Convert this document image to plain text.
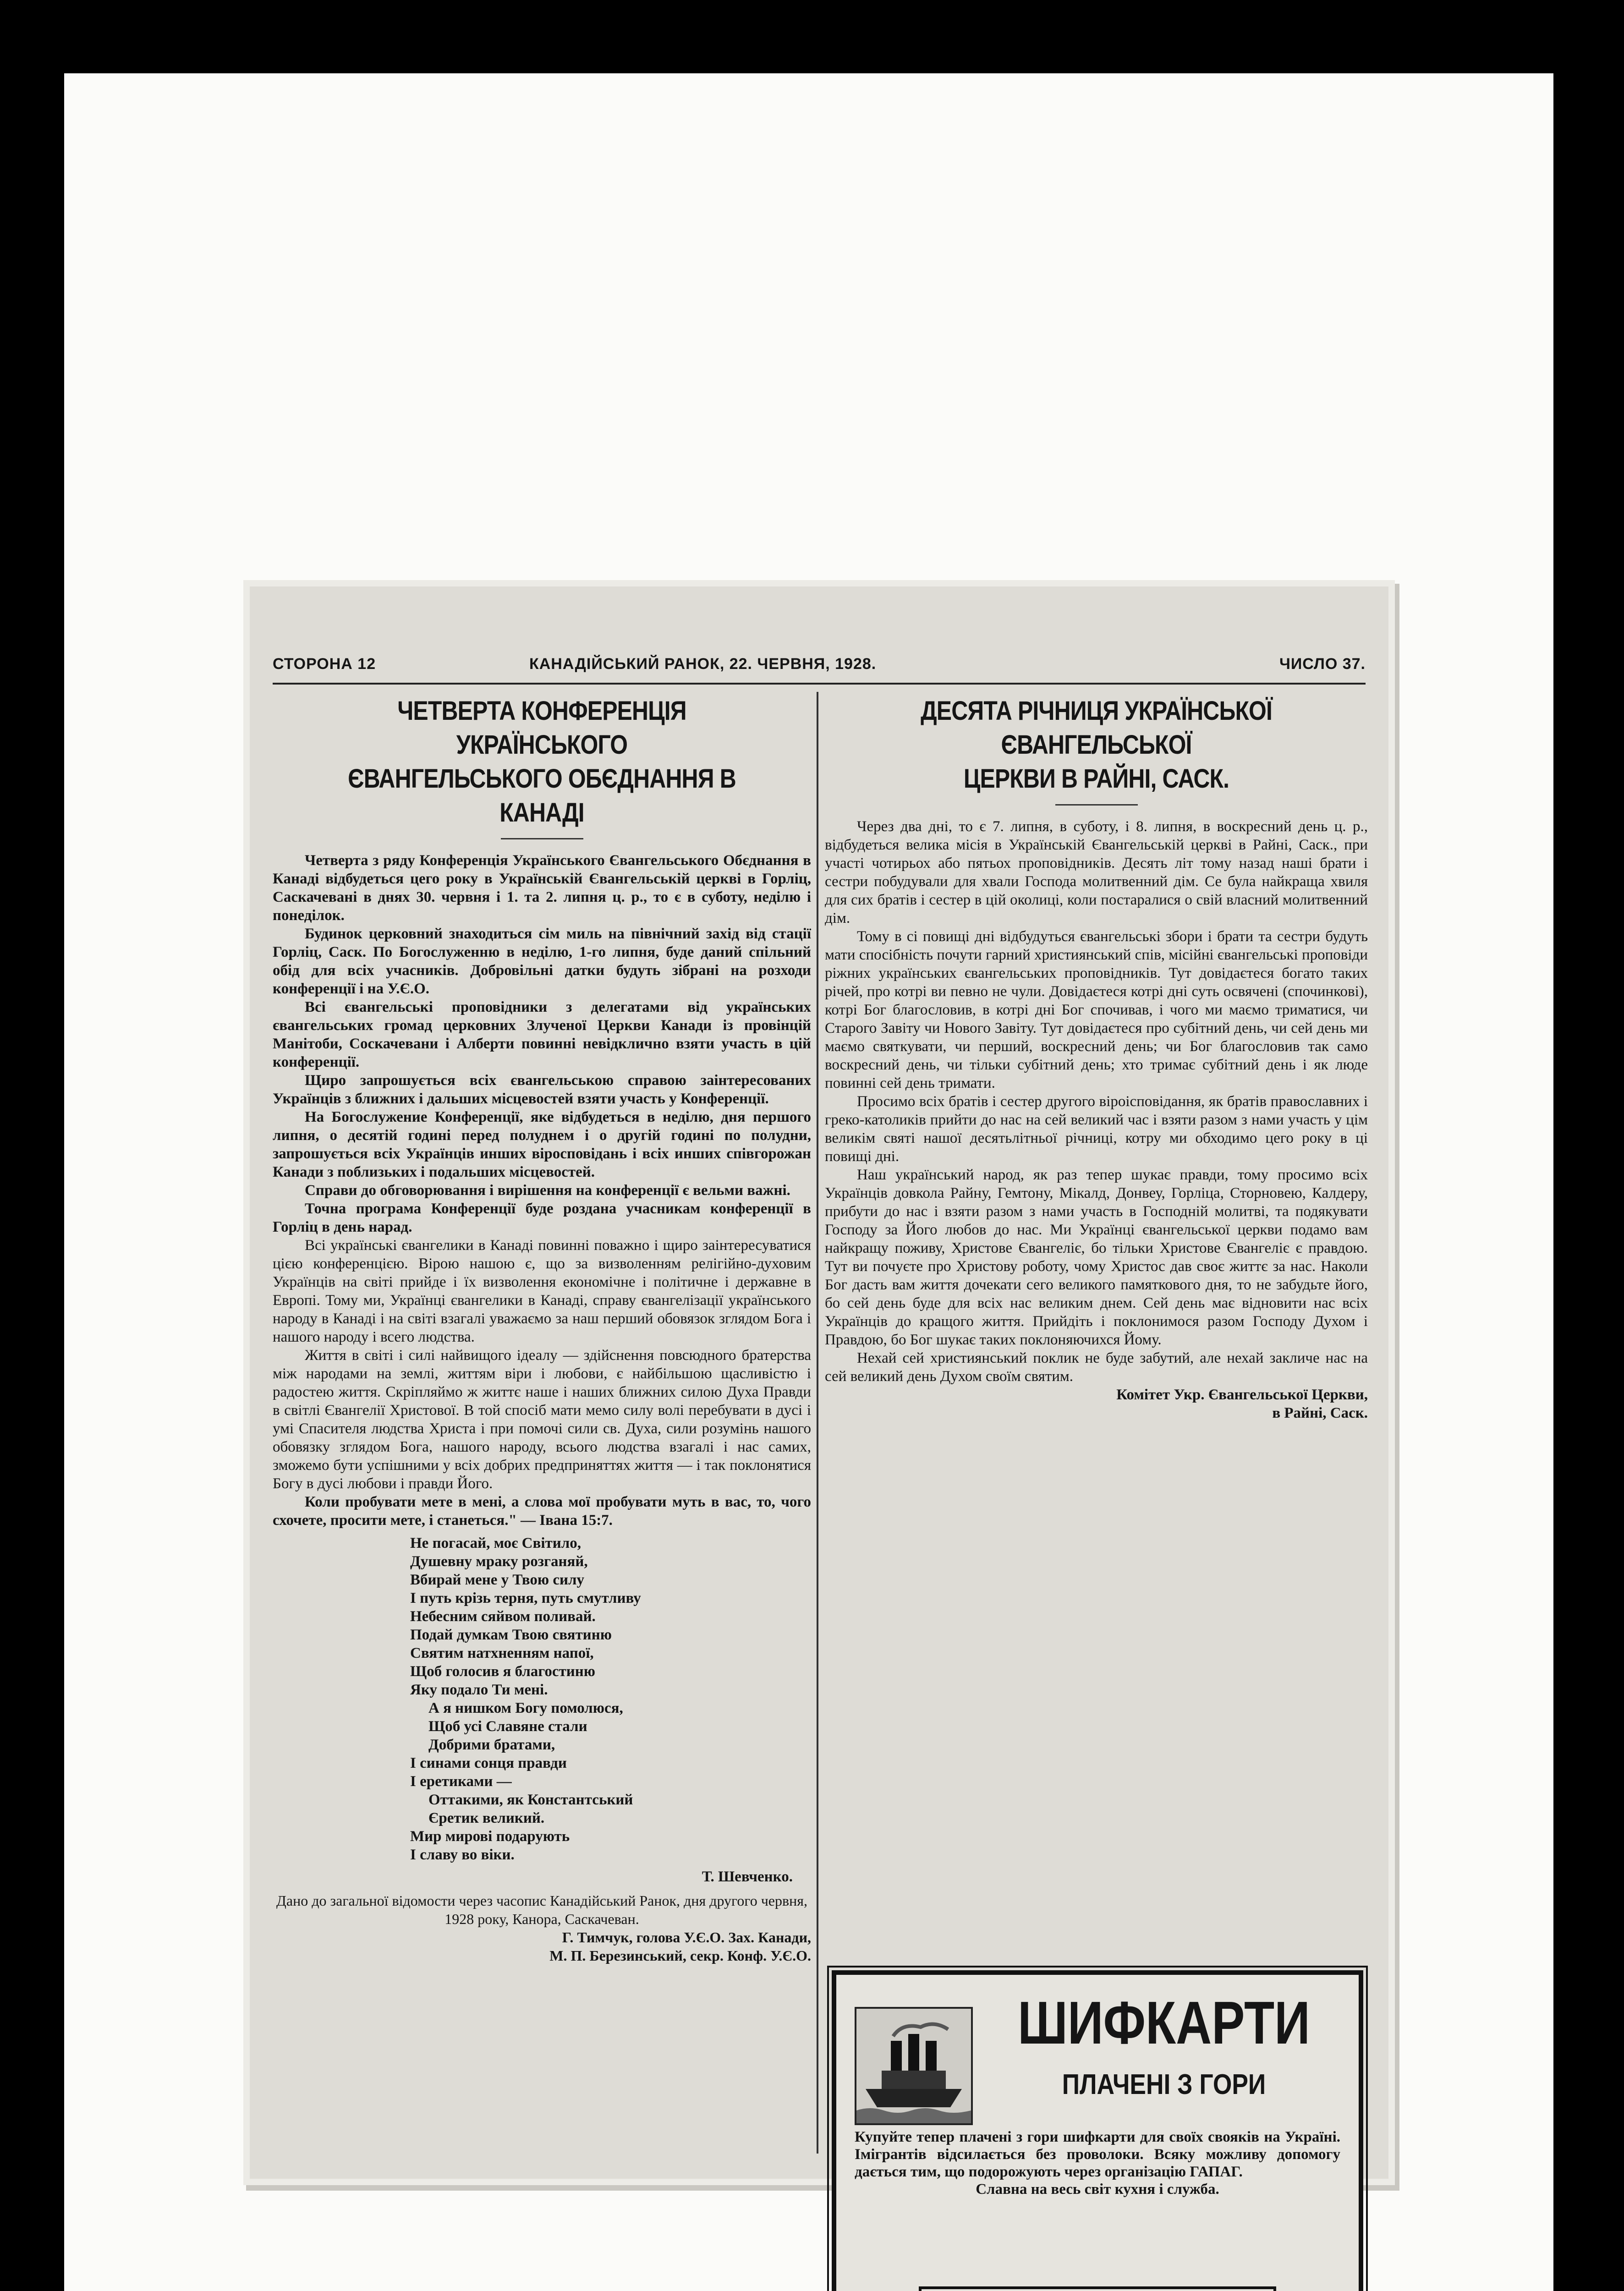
СТОРОНА 12	КАНАДІЙСЬКИЙ РАНОК, 22. ЧЕРВНЯ, 1928.	ЧИСЛО 37.
ЧЕТВЕРТА КОНФЕРЕНЦІЯ УКРАЇНСЬКОГО
ЄВАНГЕЛЬСЬКОГО ОБЄДНАННЯ В КАНАДІ

Четверта з ряду Конференція Українського Євангельського Обєднання в Канаді відбудеться цего року в Українській Євангельській церкві в Горліц, Саскачевані в днях 30. червня і 1. та 2. липня ц. р., то є в суботу, неділю і понеділок.

Будинок церковний знаходиться сім миль на північний захід від стації Горліц, Саск. По Богослуженню в неділю, 1-го липня, буде даний спільний обід для всіх учасників. Добровільні датки будуть зібрані на розходи конференції і на У.Є.О.

Всі євангельські проповідники з делегатами від українських євангельських громад церковних Злученої Церкви Канади із провінцій Манітоби, Соскачевани і Алберти повинні невідкличнo взяти участь в цій конференції.

Щиро запрошується всіх євангельською справою заінтересованих Українців з ближних і дальших місцевостей взяти участь у Конференції.

На Богослужение Конференції, яке відбудеться в неділю, дня першого липня, о десятій годині перед полуднем і о другій годині по полудни, запрошується всіх Українців инших віросповідань і всіх инших співгорожан Канади з поблизьких і подальших місцевостей.

Справи до обговорювання і вирішення на конференції є вельми важні.

Точна програма Конференції буде роздана учасникам конференції в Горліц в день нарад.

Всі українські євангелики в Канаді повинні поважно і щиро заінтересуватися цією конференцією. Вірою нашою є, що за визволенням релігійно-духовим Українців на світі прийде і їх визволення економічне і політичне і державне в Европі. Тому ми, Українці євангелики в Канаді, справу євангелізації українського народу в Канаді і на світі взагалі уважаємо за наш перший обовязок зглядом Бога і нашого народу і всего людства.

Життя в світі і силі найвищого ідеалу — здійснення повсюдного братерства між народами на землі, життям віри і любови, є найбільшою щасливістю і радостею життя. Скріпляймо ж життє наше і наших ближних силою Духа Правди в світлі Євангелії Христової. В той спосіб мати мемо силу волі перебувати в дусі і умі Спасителя людства Христа і при помочі сили св. Духа, сили розумінь нашого обовязку зглядом Бога, нашого народу, всього людства взагалі і нас самих, зможемо бути успішними у всіх добрих предприняттях життя — і так поклонятися Богу в дусі любови і правди Його.

Коли пробувати мете в мені, а слова мої пробувати муть в вас, то, чого схочете, просити мете, і станеться." — Івана 15:7.

Не погасай, моє Світило,
Душевну мраку розганяй,
Вбирай мене у Твою силу
І путь крізь терня, путь смутливу
Небесним сяйвом поливай.
Подай думкам Твою святиню
Святим натхненням напої,
Щоб голосив я благостиню
Яку подало Ти мені.
А я нишком Богу помолюся,
Щоб усі Славяне стали
Добрими братами,
І синами сонця правди
І еретиками —
Оттакими, як Константський
Єретик великий.
Мир мирові подарують
І славу во віки.
Т. Шевченко.
Дано до загальної відомости через часопис Канадійський Ранок, дня другого червня, 1928 року, Канора, Саскачеван.
Г. Тимчук, голова У.Є.О. Зах. Канади,
М. П. Березинський, секр. Конф. У.Є.О.
ДЕСЯТА РІЧНИЦЯ УКРАЇНСЬКОЇ ЄВАНГЕЛЬСЬКОЇ
ЦЕРКВИ В РАЙНІ, САСК.

Через два дні, то є 7. липня, в суботу, і 8. липня, в воскресний день ц. р., відбудеться велика місія в Українській Євангельській церкві в Райні, Саск., при участі чотирьох або пятьох проповідників. Десять літ тому назад наші брати і сестри побудували для хвали Господа молитвенний дім. Се була найкраща хвиля для сих братів і сестер в цій околиці, коли постаралися о свій власний молитвенний дім.

Тому в сі повищі дні відбудуться євангельські збори і брати та сестри будуть мати спосібність почути гарний християнський спів, місійні євангельські проповіди ріжних українських євангельських проповідників. Тут довідаєтеся богато таких річей, про котрі ви певно не чули. Довідаєтеся котрі дні суть освячені (спочинкові), котрі Бог благословив, в котрі дні Бог спочивав, і чого ми маємо триматися, чи Старого Завіту чи Нового Завіту. Тут довідаєтеся про субітний день, чи сей день ми маємо святкувати, чи перший, воскресний день; чи Бог благословив так само воскресний день, чи тільки субітний день; хто тримає субітний день і як люде повинні сей день тримати.

Просимо всіх братів і сестер другого віроісповідання, як братів православних і греко-католиків прийти до нас на сей великий час і взяти разом з нами участь у цім великім святі нашої десятьлітньої річниці, котру ми обходимо цего року в ці повищі дні.

Наш український народ, як раз тепер шукає правди, тому просимо всіх Українців довкола Райну, Гемтону, Мікалд, Донвеу, Горліца, Сторновею, Калдеру, прибути до нас і взяти разом з нами участь в Господній молитві, та подякувати Господу за Його любов до нас. Ми Українці євангельської церкви подамо вам найкращу поживу, Христове Євангеліє, бо тільки Христове Євангеліє є правдою. Тут ви почуєте про Христову роботу, чому Христос дав своє життє за нас. Наколи Бог дасть вам життя дочекати сего великого памяткового дня, то не забудьте його, бо сей день буде для всіх нас великим днем. Сей день має відновити нас всіх Українців до кращого життя. Прийдіть і поклонимося разом Господу Духом і Правдою, бо Бог шукає таких поклоняючихся Йому.

Нехай сей християнський поклик не буде забутий, але нехай закличе нас на сей великий день Духом своїм святим.

Комітет Укр. Євангельської Церкви,
в Райні, Саск.
ШИФКАРТИ
ПЛАЧЕНІ З ГОРИ
Купуйте тепер плачені з гори шифкарти для своїх свояків на Україні. Імігрантів відсилається без проволоки. Всяку можливу допомогу дається тим, що подорожують через організацію ГАПАГ.
Славна на весь світ кухня і служба.
